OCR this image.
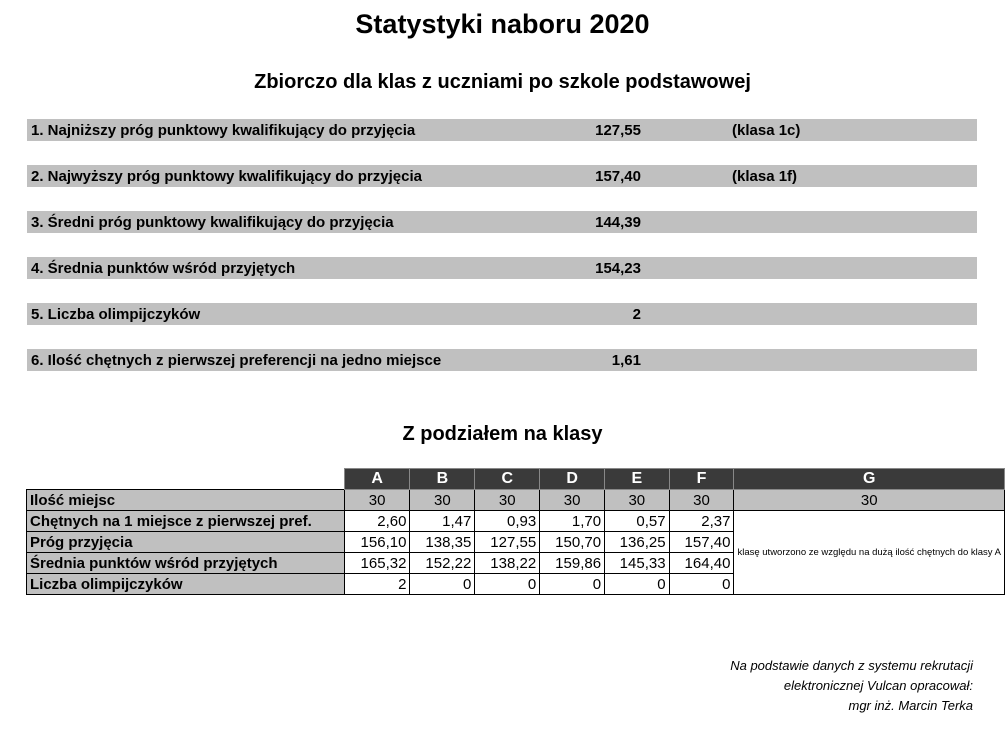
Statystyki naboru 2020
Zbiorczo dla klas z uczniami po szkole podstawowej
1. Najniższy próg punktowy kwalifikujący do przyjęcia	127,55	(klasa 1c)
2. Najwyższy próg punktowy kwalifikujący do przyjęcia	157,40	(klasa 1f)
3. Średni próg punktowy kwalifikujący do przyjęcia	144,39
4. Średnia punktów wśród przyjętych	154,23
5. Liczba olimpijczyków	2
6. Ilość chętnych z pierwszej preferencji na jedno miejsce	1,61
Z podziałem na klasy
	A	B	C	D	E	F	G
Ilość miejsc	30	30	30	30	30	30	30
Chętnych na 1 miejsce z pierwszej pref.	2,60	1,47	0,93	1,70	0,57	2,37	klasę utworzono ze względu na dużą ilość chętnych do klasy A
Próg przyjęcia	156,10	138,35	127,55	150,70	136,25	157,40	
Średnia punktów wśród przyjętych	165,32	152,22	138,22	159,86	145,33	164,40	
Liczba olimpijczyków	2	0	0	0	0	0	
Na podstawie danych z systemu rekrutacji
elektronicznej Vulcan opracował:
mgr inż. Marcin Terka
